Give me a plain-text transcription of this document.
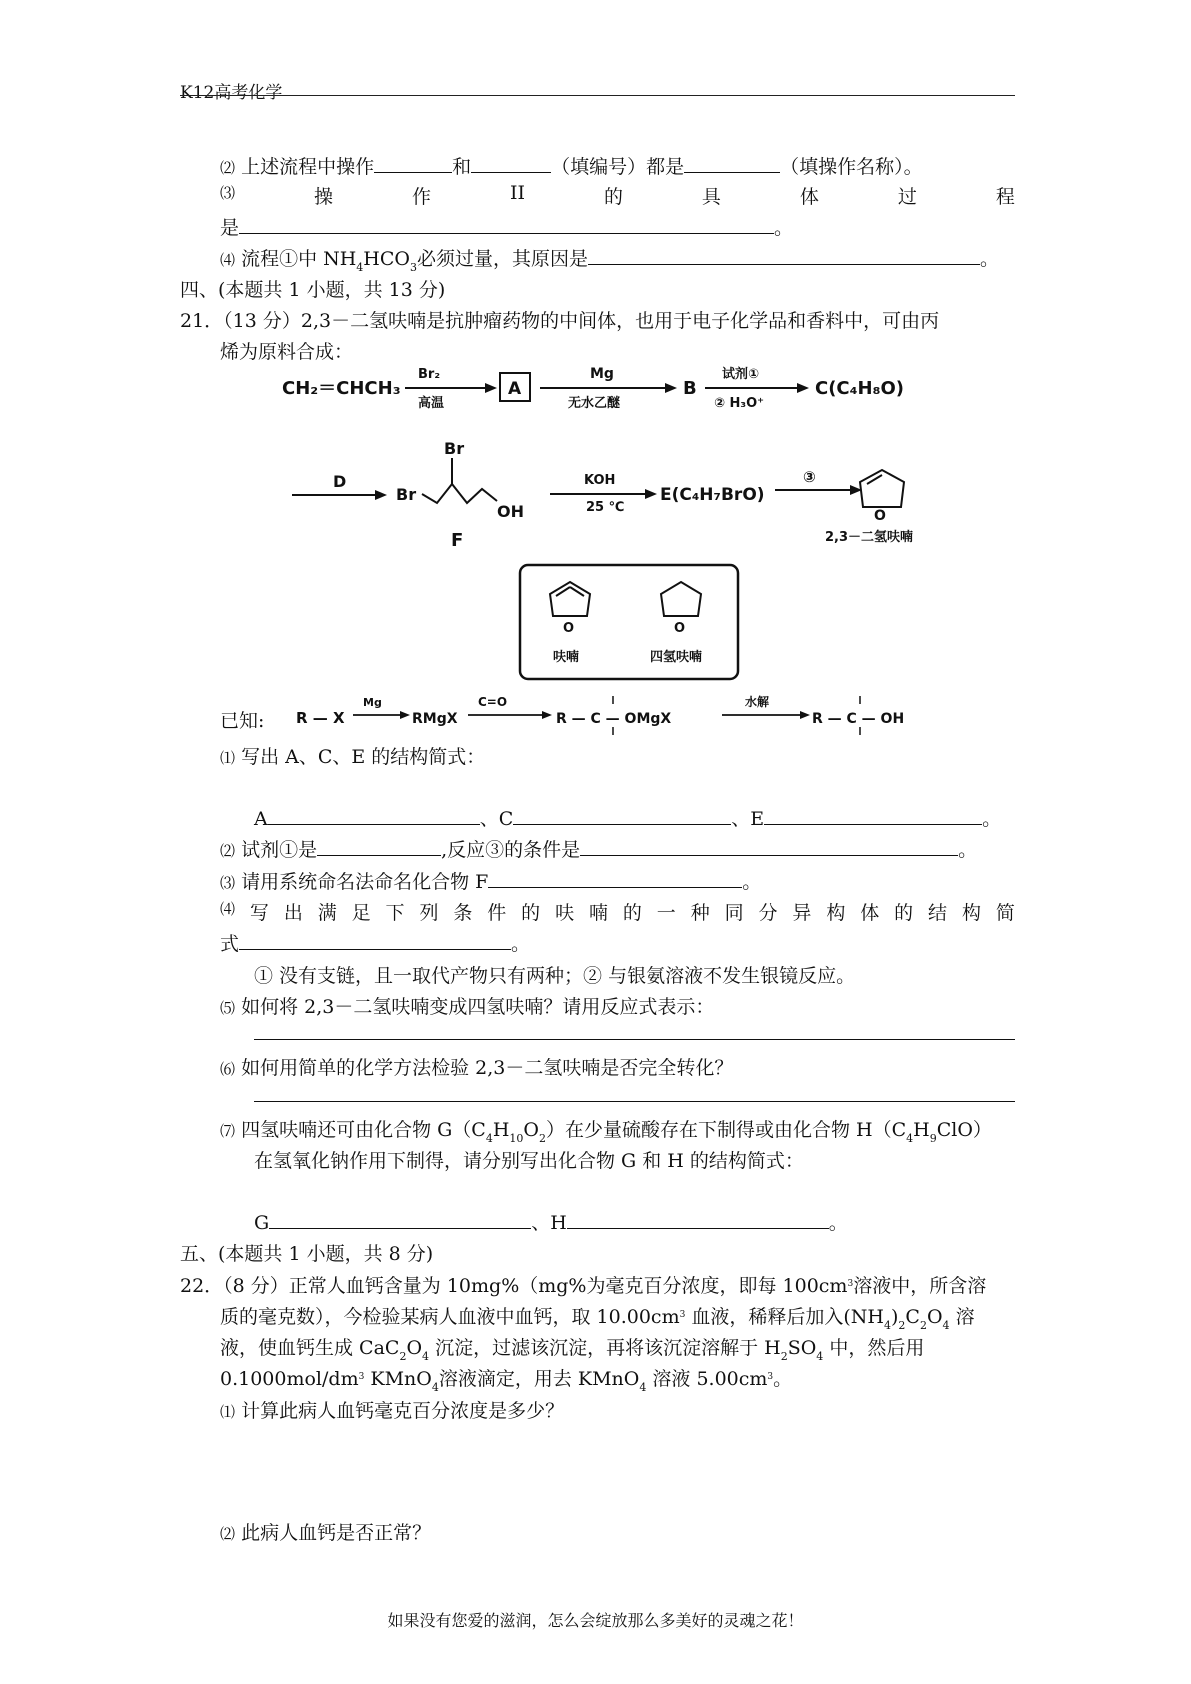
K12高考化学
⑵ 上述流程中操作	和	（填编号）都是	（填操作名称）。
⑶	操	作	II	的	具	体	过	程
是	。
⑷ 流程①中 $NH_4HCO_3$必须过量，其原因是	。
四、(本题共 1 小题，共 13 分)
21．（13 分）2,3－二氢呋喃是抗肿瘤药物的中间体，也用于电子化学品和香料中，可由丙
烯为原料合成：
CH₂＝CHCH₃
Br₂
高温
A
Mg
无水乙醚
B
试剂①
② H₃O⁺
C(C₄H₈O)
D
Br
Br
OH
F
KOH
25 ℃
E(C₄H₇BrO)
③
O
2,3－二氢呋喃
O
呋喃
O
四氢呋喃
R — X
Mg
RMgX
C=O
R — C — OMgX
水解
R — C — OH
已知:
⑴ 写出 A、C、E 的结构简式：
A	、C	、E	。
⑵ 试剂①是	,反应③的条件是	。
⑶ 请用系统命名法命名化合物 F	。
⑷ 写 出 满 足 下 列 条 件 的 呋 喃 的 一 种 同 分 异 构 体 的 结 构 简
式	。
① 没有支链，且一取代产物只有两种；② 与银氨溶液不发生银镜反应。
⑸ 如何将 2,3－二氢呋喃变成四氢呋喃？请用反应式表示：
⑹ 如何用简单的化学方法检验 2,3－二氢呋喃是否完全转化？
⑺ 四氢呋喃还可由化合物 $G(C_4H_{10}O_2)$在少量硫酸存在下制得或由化合物 $H(C_4H_9ClO)$
在氢氧化钠作用下制得，请分别写出化合物 G 和 H 的结构简式：
G	、H	。
五、(本题共 1 小题，共 8 分)
22．（8 分）正常人血钙含量为 10mg%（mg%为毫克百分浓度，即每 $100cm^3$溶液中，所含溶
质的毫克数），今检验某病人血液中血钙，取 $10.00cm^3$ 血液，稀释后加入$(NH_4)_2C_2O_4$ 溶
液，使血钙生成 $CaC_2O_4$ 沉淀，过滤该沉淀，再将该沉淀溶解于 $H_2SO_4$ 中，然后用
$0.1000mol/dm^3$ KMnO$_4$溶液滴定，用去 KMnO$_4$ 溶液 $5.00cm^3$。
⑴ 计算此病人血钙毫克百分浓度是多少？
⑵ 此病人血钙是否正常？
如果没有您爱的滋润，怎么会绽放那么多美好的灵魂之花！
